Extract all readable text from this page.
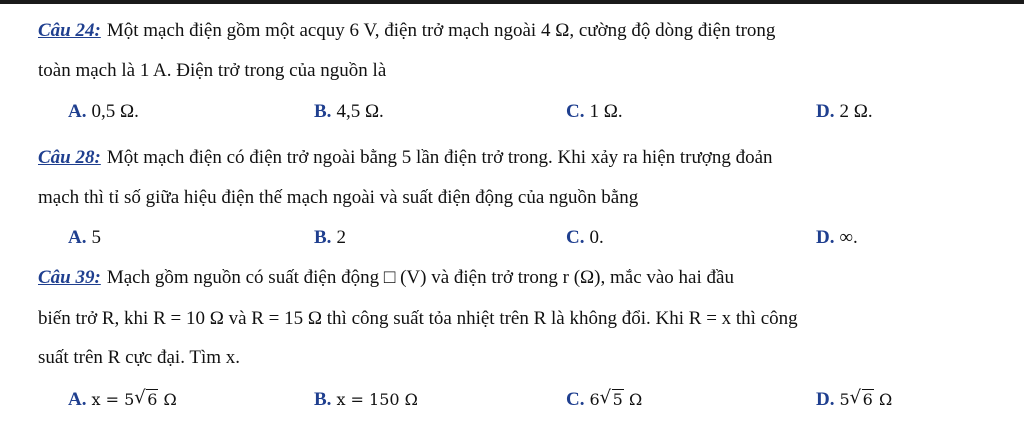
Câu 24: Một mạch điện gồm một acquy 6 V, điện trở mạch ngoài 4 Ω, cường độ dòng điện trong
toàn mạch là 1 A. Điện trở trong của nguồn là
A. 0,5 Ω.	B. 4,5 Ω.	C. 1 Ω.	D. 2 Ω.
Câu 28: Một mạch điện có điện trở ngoài bằng 5 lần điện trở trong. Khi xảy ra hiện trượng đoản
mạch thì tỉ số giữa hiệu điện thế mạch ngoài và suất điện động của nguồn bằng
A. 5	B. 2	C. 0.	D. ∞.
Câu 39: Mạch gồm nguồn có suất điện động □ (V) và điện trở trong r (Ω), mắc vào hai đầu
biến trở R, khi R = 10 Ω và R = 15 Ω thì công suất tỏa nhiệt trên R là không đổi. Khi R = x thì công
suất trên R cực đại. Tìm x.
A. x = 5 √ 6 Ω	B. x = 150 Ω	C. 6 √ 5 Ω	D. 5 √ 6 Ω
